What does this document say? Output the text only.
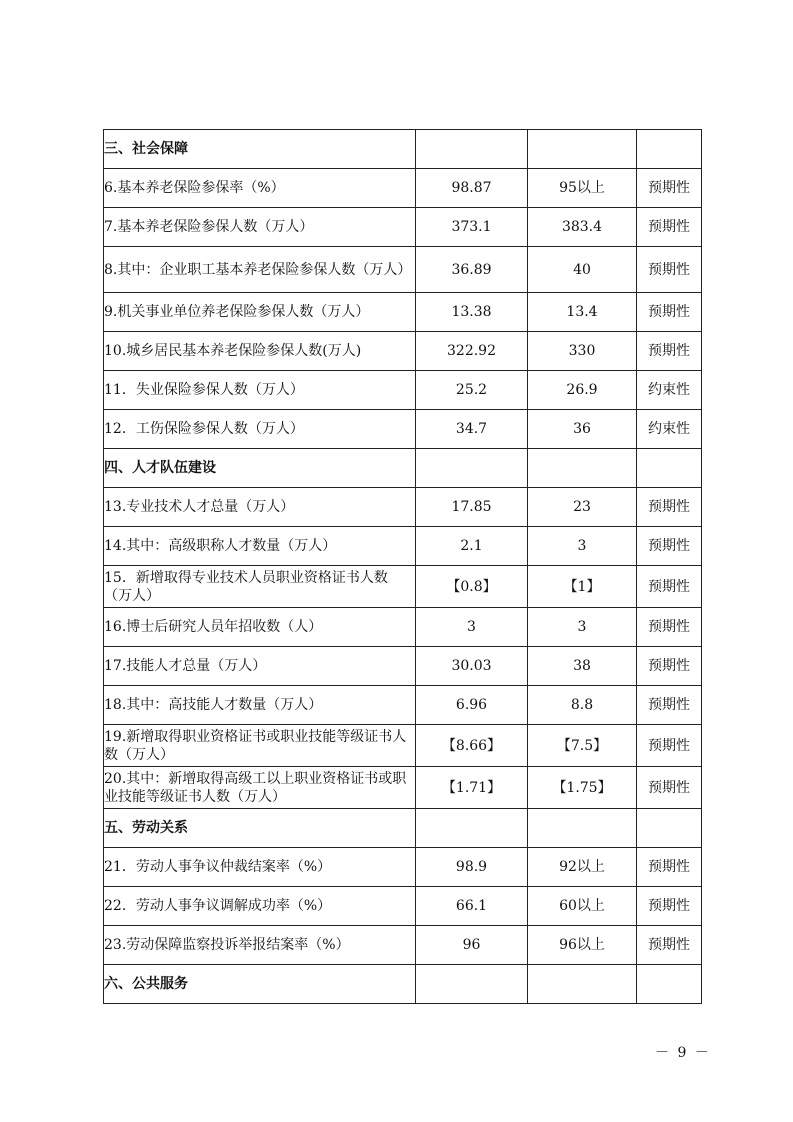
三、社会保障			
6.基本养老保险参保率（%）	98.87	95以上	预期性
7.基本养老保险参保人数（万人）	373.1	383.4	预期性
8.其中：企业职工基本养老保险参保人数（万人）	36.89	40	预期性
9.机关事业单位养老保险参保人数（万人）	13.38	13.4	预期性
10.城乡居民基本养老保险参保人数(万人)	322.92	330	预期性
11．失业保险参保人数（万人）	25.2	26.9	约束性
12．工伤保险参保人数（万人）	34.7	36	约束性
四、人才队伍建设			
13.专业技术人才总量（万人）	17.85	23	预期性
14.其中：高级职称人才数量（万人）	2.1	3	预期性
15．新增取得专业技术人员职业资格证书人数（万人）	【0.8】	【1】	预期性
16.博士后研究人员年招收数（人）	3	3	预期性
17.技能人才总量（万人）	30.03	38	预期性
18.其中：高技能人才数量（万人）	6.96	8.8	预期性
19.新增取得职业资格证书或职业技能等级证书人数（万人）	【8.66】	【7.5】	预期性
20.其中：新增取得高级工以上职业资格证书或职业技能等级证书人数（万人）	【1.71】	【1.75】	预期性
五、劳动关系			
21．劳动人事争议仲裁结案率（%）	98.9	92以上	预期性
22．劳动人事争议调解成功率（%）	66.1	60以上	预期性
23.劳动保障监察投诉举报结案率（%）	96	96以上	预期性
六、公共服务			
－ 9 －
